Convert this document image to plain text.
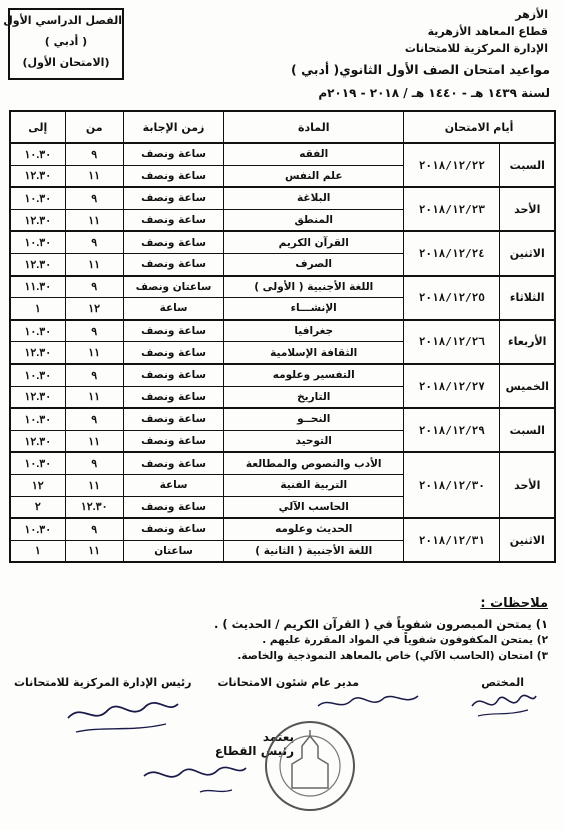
الأزهر
قطاع المعاهد الأزهرية
الإدارة المركزية للامتحانات
الفصل الدراسي الأول
( أدبي )
(الامتحان الأول)	مواعيد امتحان الصف الأول الثانوي( أدبي )
لسنة ١٤٣٩ هـ - ١٤٤٠ هـ / ٢٠١٨ - ٢٠١٩م
أيام الامتحان		المادة	زمن الإجابة	من	إلى
السبت	٢٠١٨/١٢/٢٢	الفقه	ساعة ونصف	٩	١٠.٣٠
		علم النفس	ساعة ونصف	١١	١٢.٣٠
الأحد	٢٠١٨/١٢/٢٣	البلاغة	ساعة ونصف	٩	١٠.٣٠
		المنطق	ساعة ونصف	١١	١٢.٣٠
الاثنين	٢٠١٨/١٢/٢٤	القرآن الكريم	ساعة ونصف	٩	١٠.٣٠
		الصرف	ساعة ونصف	١١	١٢.٣٠
الثلاثاء	٢٠١٨/١٢/٢٥	اللغة الأجنبية ( الأولى )	ساعتان ونصف	٩	١١.٣٠
		الإنشـــاء	ساعة	١٢	١
الأربعاء	٢٠١٨/١٢/٢٦	جغرافيا	ساعة ونصف	٩	١٠.٣٠
		الثقافة الإسلامية	ساعة ونصف	١١	١٢.٣٠
الخميس	٢٠١٨/١٢/٢٧	التفسير وعلومه	ساعة ونصف	٩	١٠.٣٠
		التاريخ	ساعة ونصف	١١	١٢.٣٠
السبت	٢٠١٨/١٢/٢٩	النحــو	ساعة ونصف	٩	١٠.٣٠
		التوحيد	ساعة ونصف	١١	١٢.٣٠
الأحد	٢٠١٨/١٢/٣٠	الأدب والنصوص والمطالعة	ساعة ونصف	٩	١٠.٣٠
		التربية الفنية	ساعة	١١	١٢
		الحاسب الآلي	ساعة ونصف	١٢.٣٠	٢
الاثنين	٢٠١٨/١٢/٣١	الحديث وعلومه	ساعة ونصف	٩	١٠.٣٠
		اللغة الأجنبية ( الثانية )	ساعتان	١١	١
ملاحظات :
١) يمتحن المبصرون شفوياً في ( القرآن الكريم / الحديث ) .
٢) يمتحن المكفوفون شفوياً في المواد المقررة عليهم .
٣) امتحان (الحاسب الآلي) خاص بالمعاهد النموذجية والخاصة.
المختص
مدير عام شئون الامتحانات
رئيس الإدارة المركزية للامتحانات
يعتمد
رئيس القطاع
